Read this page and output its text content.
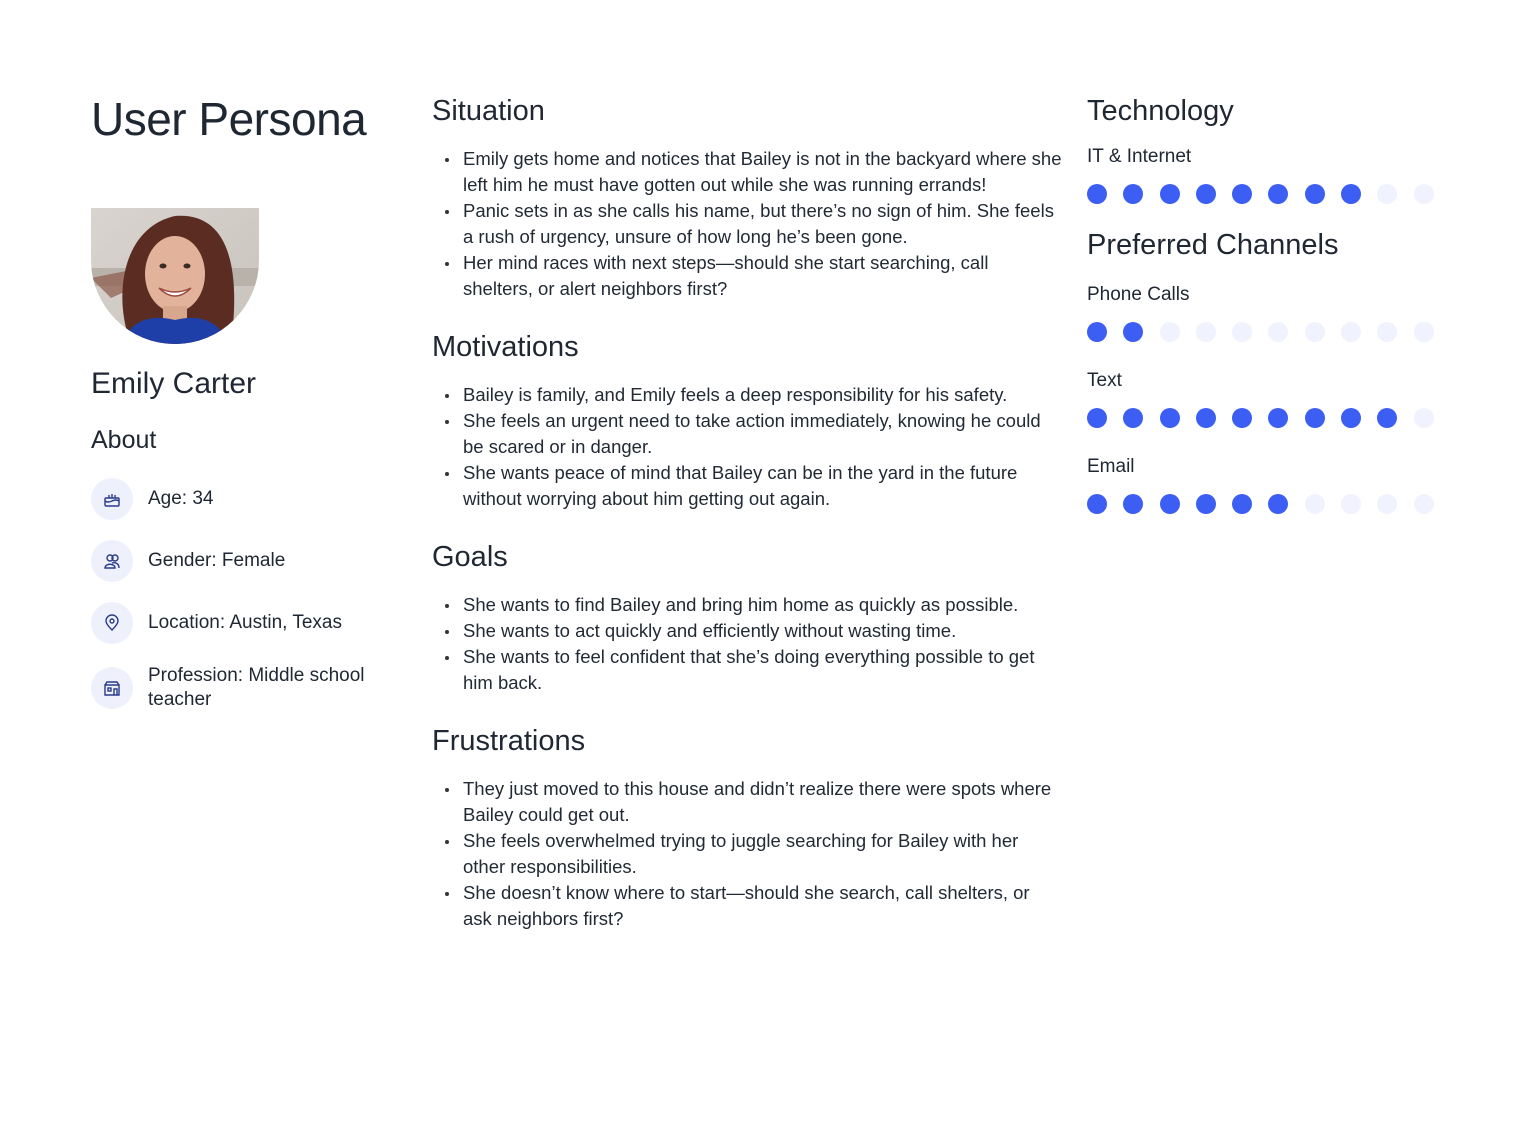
User Persona
Emily Carter
About
Age: 34
Gender: Female
Location: Austin, Texas
Profession: Middle school teacher
Situation
Emily gets home and notices that Bailey is not in the backyard where she left him he must have gotten out while she was running errands!
Panic sets in as she calls his name, but there’s no sign of him. She feels a rush of urgency, unsure of how long he’s been gone.
Her mind races with next steps—should she start searching, call shelters, or alert neighbors first?
Motivations
Bailey is family, and Emily feels a deep responsibility for his safety.
She feels an urgent need to take action immediately, knowing he could be scared or in danger.
She wants peace of mind that Bailey can be in the yard in the future without worrying about him getting out again.
Goals
She wants to find Bailey and bring him home as quickly as possible.
She wants to act quickly and efficiently without wasting time.
She wants to feel confident that she’s doing everything possible to get him back.
Frustrations
They just moved to this house and didn’t realize there were spots where Bailey could get out.
She feels overwhelmed trying to juggle searching for Bailey with her other responsibilities.
She doesn’t know where to start—should she search, call shelters, or ask neighbors first?
Technology

IT & Internet

Preferred Channels

Phone Calls

Text

Email
